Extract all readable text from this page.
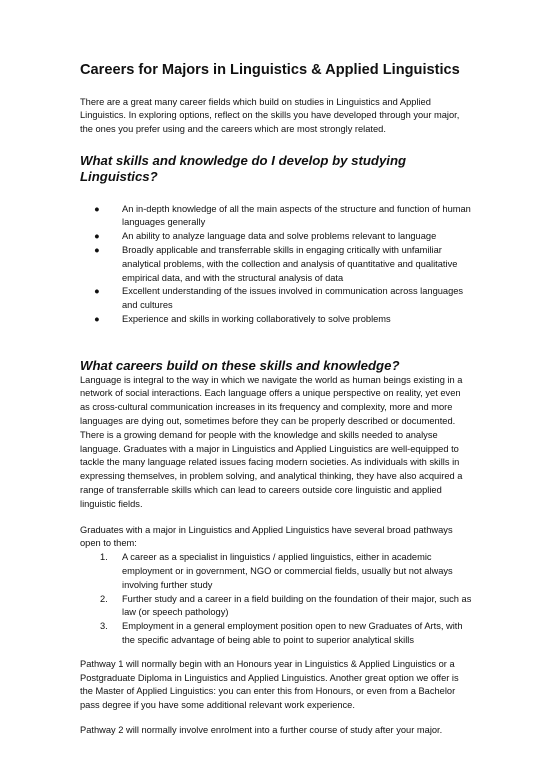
Careers for Majors in Linguistics & Applied Linguistics

There are a great many career fields which build on studies in Linguistics and Applied Linguistics. In exploring options, reflect on the skills you have developed through your major, the ones you prefer using and the careers which are most strongly related.

What skills and knowledge do I develop by studying Linguistics?
● An in-depth knowledge of all the main aspects of the structure and function of human languages generally
● An ability to analyze language data and solve problems relevant to language
● Broadly applicable and transferrable skills in engaging critically with unfamiliar analytical problems, with the collection and analysis of quantitative and qualitative empirical data, and with the structural analysis of data
● Excellent understanding of the issues involved in communication across languages and cultures
● Experience and skills in working collaboratively to solve problems
What careers build on these skills and knowledge?

Language is integral to the way in which we navigate the world as human beings existing in a network of social interactions. Each language offers a unique perspective on reality, yet even as cross-cultural communication increases in its frequency and complexity, more and more languages are dying out, sometimes before they can be properly described or documented. There is a growing demand for people with the knowledge and skills needed to analyse language. Graduates with a major in Linguistics and Applied Linguistics are well-equipped to tackle the many language related issues facing modern societies. As individuals with skills in expressing themselves, in problem solving, and analytical thinking, they have also acquired a range of transferrable skills which can lead to careers outside core linguistic and applied linguistic fields.

Graduates with a major in Linguistics and Applied Linguistics have several broad pathways open to them:

1. A career as a specialist in linguistics / applied linguistics, either in academic employment or in government, NGO or commercial fields, usually but not always involving further study
2. Further study and a career in a field building on the foundation of their major, such as law (or speech pathology)
3. Employment in a general employment position open to new Graduates of Arts, with the specific advantage of being able to point to superior analytical skills

Pathway 1 will normally begin with an Honours year in Linguistics & Applied Linguistics or a Postgraduate Diploma in Linguistics and Applied Linguistics. Another great option we offer is the Master of Applied Linguistics: you can enter this from Honours, or even from a Bachelor pass degree if you have some additional relevant work experience.

Pathway 2 will normally involve enrolment into a further course of study after your major.
